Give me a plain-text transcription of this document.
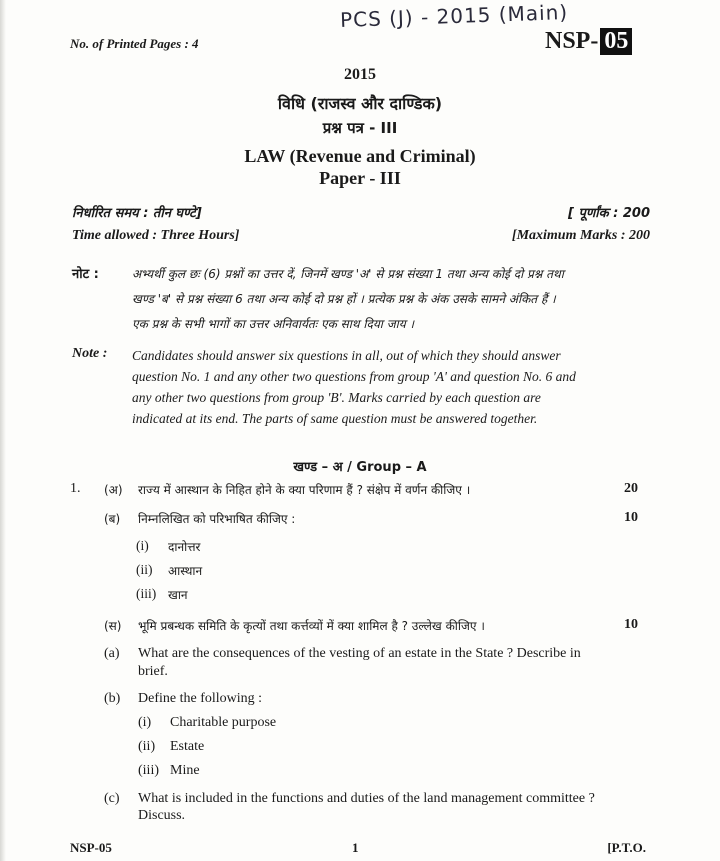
No. of Printed Pages : 4
PCS (J) - 2015 (Main)
NSP- 05
2015
विधि (राजस्व और दाण्डिक)
प्रश्न पत्र - III
LAW (Revenue and Criminal)
Paper - III
निर्धारित समय : तीन घण्टे]	[ पूर्णांक : 200
Time allowed : Three Hours]	[Maximum Marks : 200
नोट :	अभ्यर्थी कुल छः (6) प्रश्नों का उत्तर दें, जिनमें खण्ड 'अ' से प्रश्न संख्या 1 तथा अन्य कोई दो प्रश्न तथा
खण्ड 'ब' से प्रश्न संख्या 6 तथा अन्य कोई दो प्रश्न हों । प्रत्येक प्रश्न के अंक उसके सामने अंकित हैं ।
एक प्रश्न के सभी भागों का उत्तर अनिवार्यतः एक साथ दिया जाय ।
Note : Candidates should answer six questions in all, out of which they should answer
question No. 1 and any other two questions from group 'A' and question No. 6 and
any other two questions from group 'B'. Marks carried by each question are
indicated at its end. The parts of same question must be answered together.
खण्ड – अ / Group – A
1. (अ) राज्य में आस्थान के निहित होने के क्या परिणाम हैं ? संक्षेप में वर्णन कीजिए ।	20
(ब) निम्नलिखित को परिभाषित कीजिए :	10
(i) दानोत्तर
(ii) आस्थान
(iii) खान
(स) भूमि प्रबन्धक समिति के कृत्यों तथा कर्त्तव्यों में क्या शामिल है ? उल्लेख कीजिए ।	10
(a) What are the consequences of the vesting of an estate in the State ? Describe in
brief.
(b) Define the following :
(i) Charitable purpose
(ii) Estate
(iii) Mine
(c) What is included in the functions and duties of the land management committee ?
Discuss.
NSP-05	1	[P.T.O.
